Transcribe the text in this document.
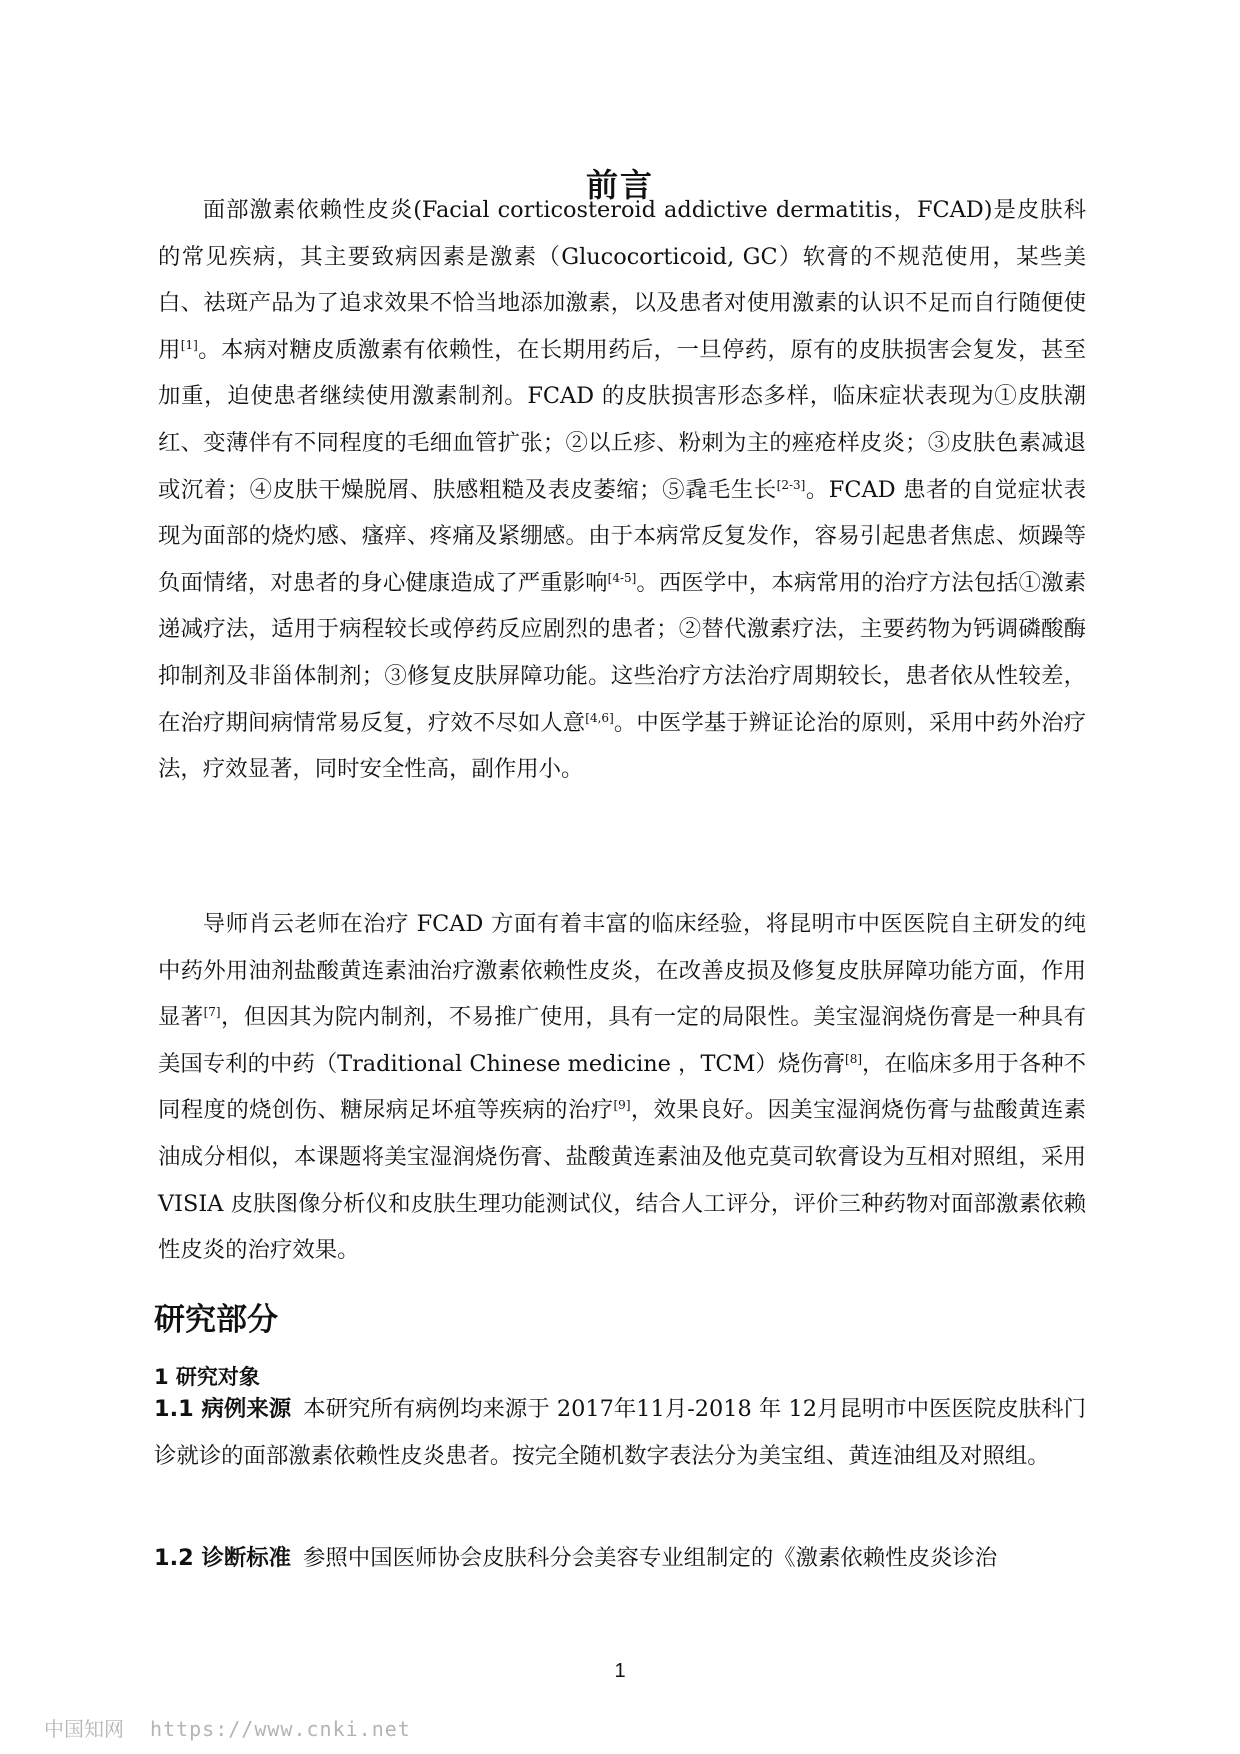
前言

面部激素依赖性皮炎(Facial corticosteroid addictive dermatitis，FCAD)是皮肤科的常见疾病，其主要致病因素是激素（Glucocorticoid, GC）软膏的不规范使用，某些美白、祛斑产品为了追求效果不恰当地添加激素，以及患者对使用激素的认识不足而自行随便使用[1]。本病对糖皮质激素有依赖性，在长期用药后，一旦停药，原有的皮肤损害会复发，甚至加重，迫使患者继续使用激素制剂。FCAD 的皮肤损害形态多样，临床症状表现为①皮肤潮红、变薄伴有不同程度的毛细血管扩张；②以丘疹、粉刺为主的痤疮样皮炎；③皮肤色素减退或沉着；④皮肤干燥脱屑、肤感粗糙及表皮萎缩；⑤毳毛生长[2-3]。FCAD 患者的自觉症状表现为面部的烧灼感、瘙痒、疼痛及紧绷感。由于本病常反复发作，容易引起患者焦虑、烦躁等负面情绪，对患者的身心健康造成了严重影响[4-5]。西医学中，本病常用的治疗方法包括①激素递减疗法，适用于病程较长或停药反应剧烈的患者；②替代激素疗法，主要药物为钙调磷酸酶抑制剂及非甾体制剂；③修复皮肤屏障功能。这些治疗方法治疗周期较长，患者依从性较差，在治疗期间病情常易反复，疗效不尽如人意[4,6]。中医学基于辨证论治的原则，采用中药外治疗法，疗效显著，同时安全性高，副作用小。

导师肖云老师在治疗 FCAD 方面有着丰富的临床经验，将昆明市中医医院自主研发的纯中药外用油剂盐酸黄连素油治疗激素依赖性皮炎，在改善皮损及修复皮肤屏障功能方面，作用显著[7]，但因其为院内制剂，不易推广使用，具有一定的局限性。美宝湿润烧伤膏是一种具有美国专利的中药（Traditional Chinese medicine ，TCM）烧伤膏[8]，在临床多用于各种不同程度的烧创伤、糖尿病足坏疽等疾病的治疗[9]，效果良好。因美宝湿润烧伤膏与盐酸黄连素油成分相似，本课题将美宝湿润烧伤膏、盐酸黄连素油及他克莫司软膏设为互相对照组，采用 VISIA 皮肤图像分析仪和皮肤生理功能测试仪，结合人工评分，评价三种药物对面部激素依赖性皮炎的治疗效果。

研究部分
1 研究对象

1.1 病例来源 本研究所有病例均来源于 2017年11月-2018 年 12月昆明市中医医院皮肤科门诊就诊的面部激素依赖性皮炎患者。按完全随机数字表法分为美宝组、黄连油组及对照组。

1.2 诊断标准 参照中国医师协会皮肤科分会美容专业组制定的《激素依赖性皮炎诊治

1
中国知网 https://www.cnki.net
